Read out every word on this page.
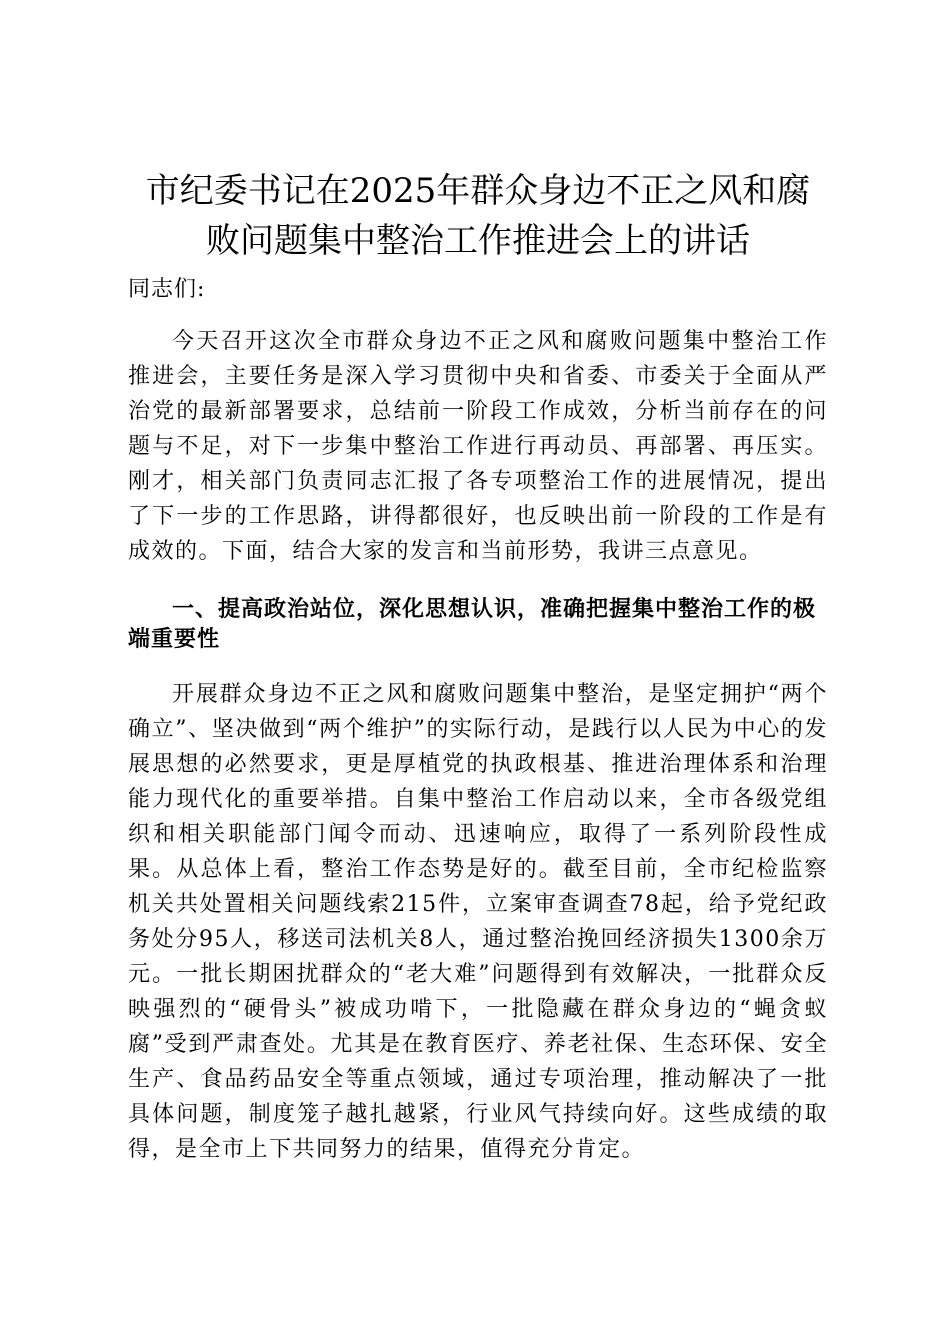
市纪委书记在2025年群众身边不正之风和腐
败问题集中整治工作推进会上的讲话

同志们:

今天召开这次全市群众身边不正之风和腐败问题集中整治工作推进会，主要任务是深入学习贯彻中央和省委、市委关于全面从严治党的最新部署要求，总结前一阶段工作成效，分析当前存在的问题与不足，对下一步集中整治工作进行再动员、再部署、再压实。刚才，相关部门负责同志汇报了各专项整治工作的进展情况，提出了下一步的工作思路，讲得都很好，也反映出前一阶段的工作是有成效的。下面，结合大家的发言和当前形势，我讲三点意见。

一、提高政治站位，深化思想认识，准确把握集中整治工作的极端重要性

开展群众身边不正之风和腐败问题集中整治，是坚定拥护“两个确立”、坚决做到“两个维护”的实际行动，是践行以人民为中心的发展思想的必然要求，更是厚植党的执政根基、推进治理体系和治理能力现代化的重要举措。自集中整治工作启动以来，全市各级党组织和相关职能部门闻令而动、迅速响应，取得了一系列阶段性成果。从总体上看，整治工作态势是好的。截至目前，全市纪检监察机关共处置相关问题线索215件，立案审查调查78起，给予党纪政务处分95人，移送司法机关8人，通过整治挽回经济损失1300余万元。一批长期困扰群众的“老大难”问题得到有效解决，一批群众反映强烈的“硬骨头”被成功啃下，一批隐藏在群众身边的“蝇贪蚁腐”受到严肃查处。尤其是在教育医疗、养老社保、生态环保、安全生产、食品药品安全等重点领域，通过专项治理，推动解决了一批具体问题，制度笼子越扎越紧，行业风气持续向好。这些成绩的取得，是全市上下共同努力的结果，值得充分肯定。
